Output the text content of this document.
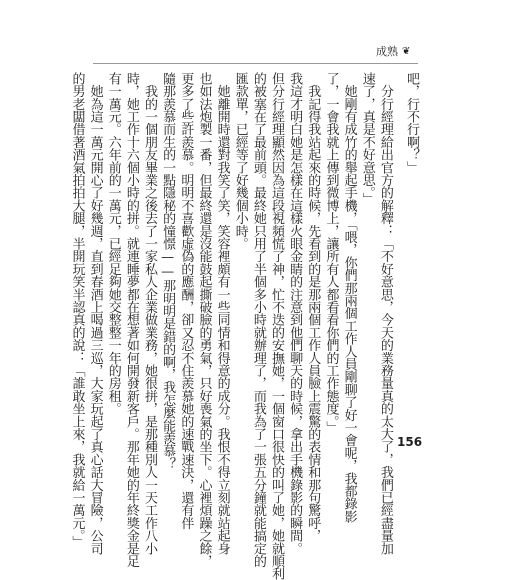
成熟 ❦
吧，行不行啊？」
　分行經理給出官方的解釋：「不好意思，今天的業務量真的太大了，我們已經盡量加
速了，真是不好意思。」
　她剛有成竹的舉起手機，「喂，你們那兩個工作人員剛聊了好一會呢，我都錄影
了，一會我就上傳到微博上，讓所有人都看看你們的工作態度。」
　我記得我站起來的時候，先看到的是那兩個工作人員臉上震驚的表情和那句驚呼，
我這才明白她是怎樣在這樣火眼金睛的注意到他們聊天的時候，拿出手機錄影的瞬間。
但分行經理顯然因為這段視頻慌了神，忙不迭的安撫她，一個窗口很快的叫了她，她就順利
的被塞在了最前頭。最終她只用了半個多小時就辦理了，而我為了一張五分鐘就能搞定的
匯款單，已經等了好幾個小時。
　她離開時還對我笑了笑，笑容裡頗有一些同情和得意的成分。我恨不得立刻就站起身
也如法炮製一番，但最終還是沒能鼓起撕破臉的勇氣，只好喪氣的坐下。心裡煩躁之餘，
更多了些許羨慕。明明不喜歡虛偽的應酬，卻又忍不住羨慕她的速戰速決，還有伴
隨那羨慕而生的一點隱秘的憧憬——那明明是錯的啊，我怎麼能羨慕？
　我的一個朋友畢業之後去了一家私人企業做業務，她很拼，是那種別人一天工作八小
時，她工作十六個小時的拼。就連睡夢都在想著如何開發新客戶。那年她的年終獎金是足
有一萬元。六年前的一萬元，已經足夠她交整整一年的房租。
　她為這一萬元開心了好幾週，直到春酒上喝過三巡，大家玩起了真心話大冒險，公司
的男老闆借著酒氣拍拍大腿，半開玩笑半認真的說：「誰敢坐上來，我就給一萬元。」	156
